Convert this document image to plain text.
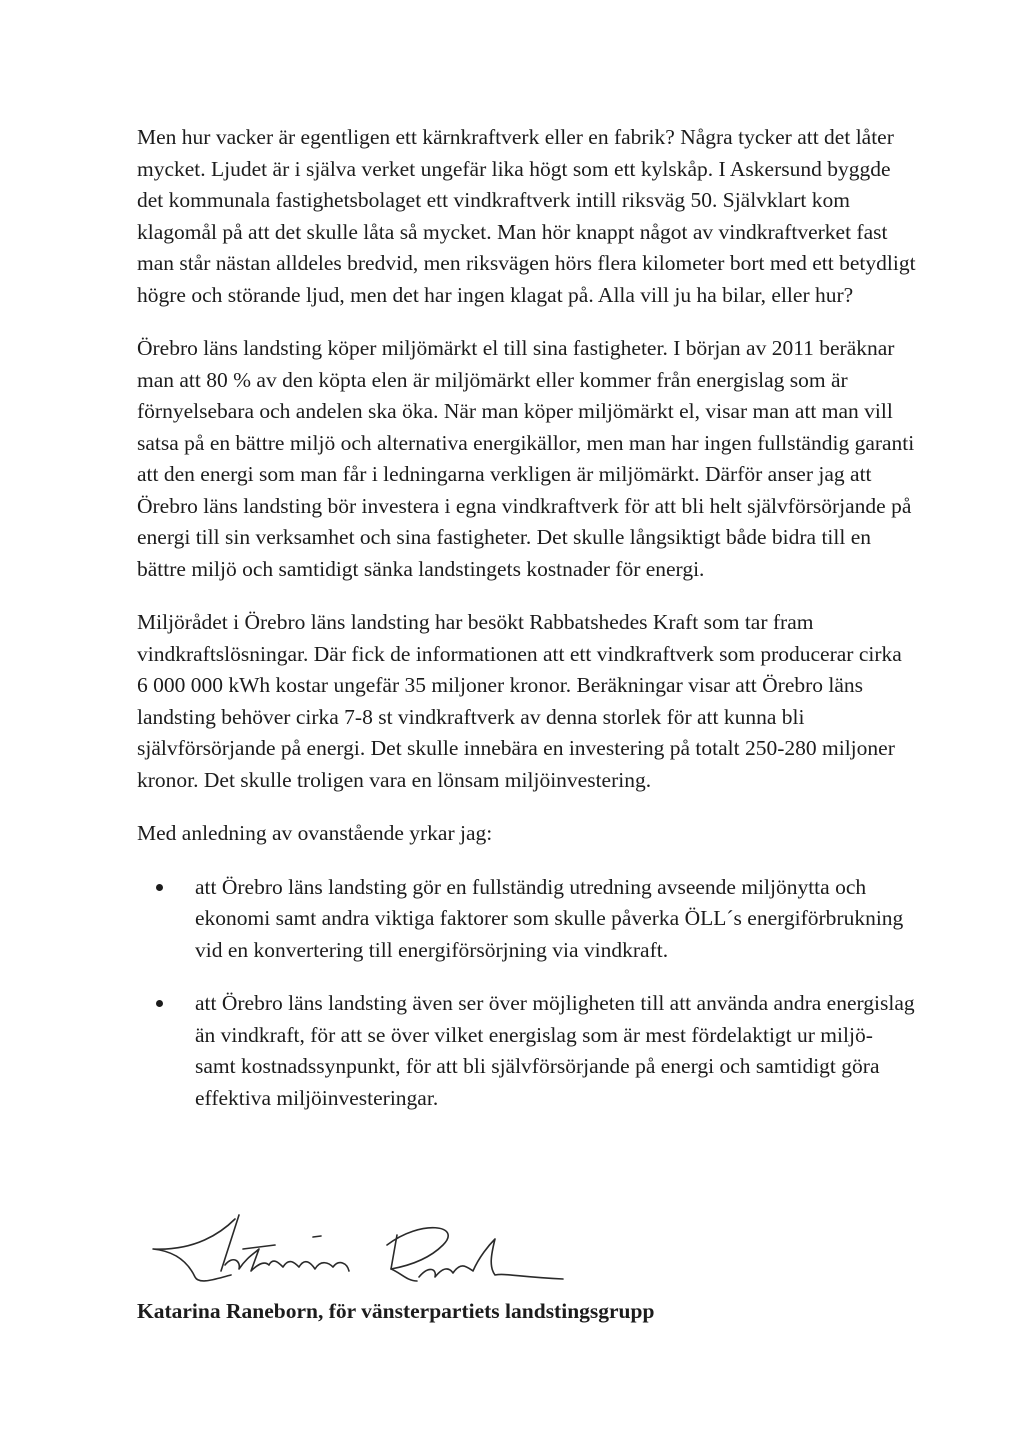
Men hur vacker är egentligen ett kärnkraftverk eller en fabrik? Några tycker att det låter mycket. Ljudet är i själva verket ungefär lika högt som ett kylskåp. I Askersund byggde det kommunala fastighetsbolaget ett vindkraftverk intill riksväg 50. Självklart kom klagomål på att det skulle låta så mycket. Man hör knappt något av vindkraftverket fast man står nästan alldeles bredvid, men riksvägen hörs flera kilometer bort med ett betydligt högre och störande ljud, men det har ingen klagat på. Alla vill ju ha bilar, eller hur?

Örebro läns landsting köper miljömärkt el till sina fastigheter. I början av 2011 beräknar man att 80 % av den köpta elen är miljömärkt eller kommer från energislag som är förnyelsebara och andelen ska öka. När man köper miljömärkt el, visar man att man vill satsa på en bättre miljö och alternativa energikällor, men man har ingen fullständig garanti att den energi som man får i ledningarna verkligen är miljömärkt. Därför anser jag att Örebro läns landsting bör investera i egna vindkraftverk för att bli helt självförsörjande på energi till sin verksamhet och sina fastigheter. Det skulle långsiktigt både bidra till en bättre miljö och samtidigt sänka landstingets kostnader för energi.

Miljörådet i Örebro läns landsting har besökt Rabbatshedes Kraft som tar fram vindkraftslösningar. Där fick de informationen att ett vindkraftverk som producerar cirka 6 000 000 kWh kostar ungefär 35 miljoner kronor. Beräkningar visar att Örebro läns landsting behöver cirka 7-8 st vindkraftverk av denna storlek för att kunna bli självförsörjande på energi. Det skulle innebära en investering på totalt 250-280 miljoner kronor. Det skulle troligen vara en lönsam miljöinvestering.

Med anledning av ovanstående yrkar jag:

att Örebro läns landsting gör en fullständig utredning avseende miljönytta och ekonomi samt andra viktiga faktorer som skulle påverka ÖLL´s energiförbrukning vid en konvertering till energiförsörjning via vindkraft.
att Örebro läns landsting även ser över möjligheten till att använda andra energislag än vindkraft, för att se över vilket energislag som är mest fördelaktigt ur miljö- samt kostnadssynpunkt, för att bli självförsörjande på energi och samtidigt göra effektiva miljöinvesteringar.

Katarina Raneborn, för vänsterpartiets landstingsgrupp
